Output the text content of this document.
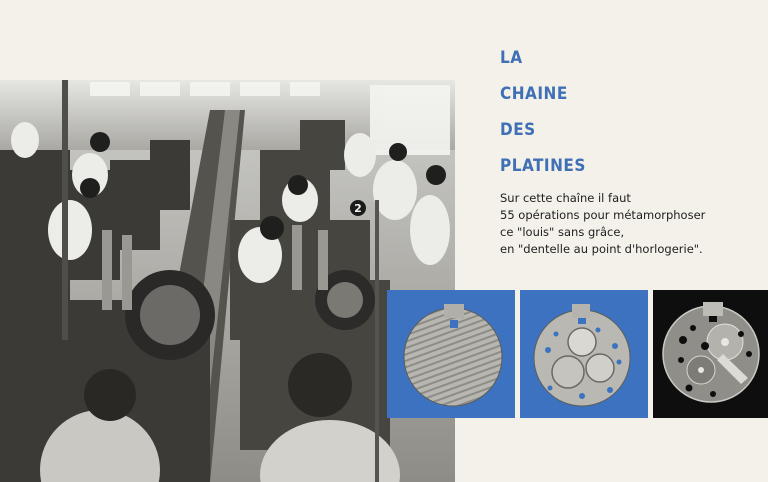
2
LA
CHAINE
DES
PLATINES
Sur cette chaîne il faut
55 opérations pour métamorphoser
ce "louis" sans grâce,
en "dentelle au point d'horlogerie".
